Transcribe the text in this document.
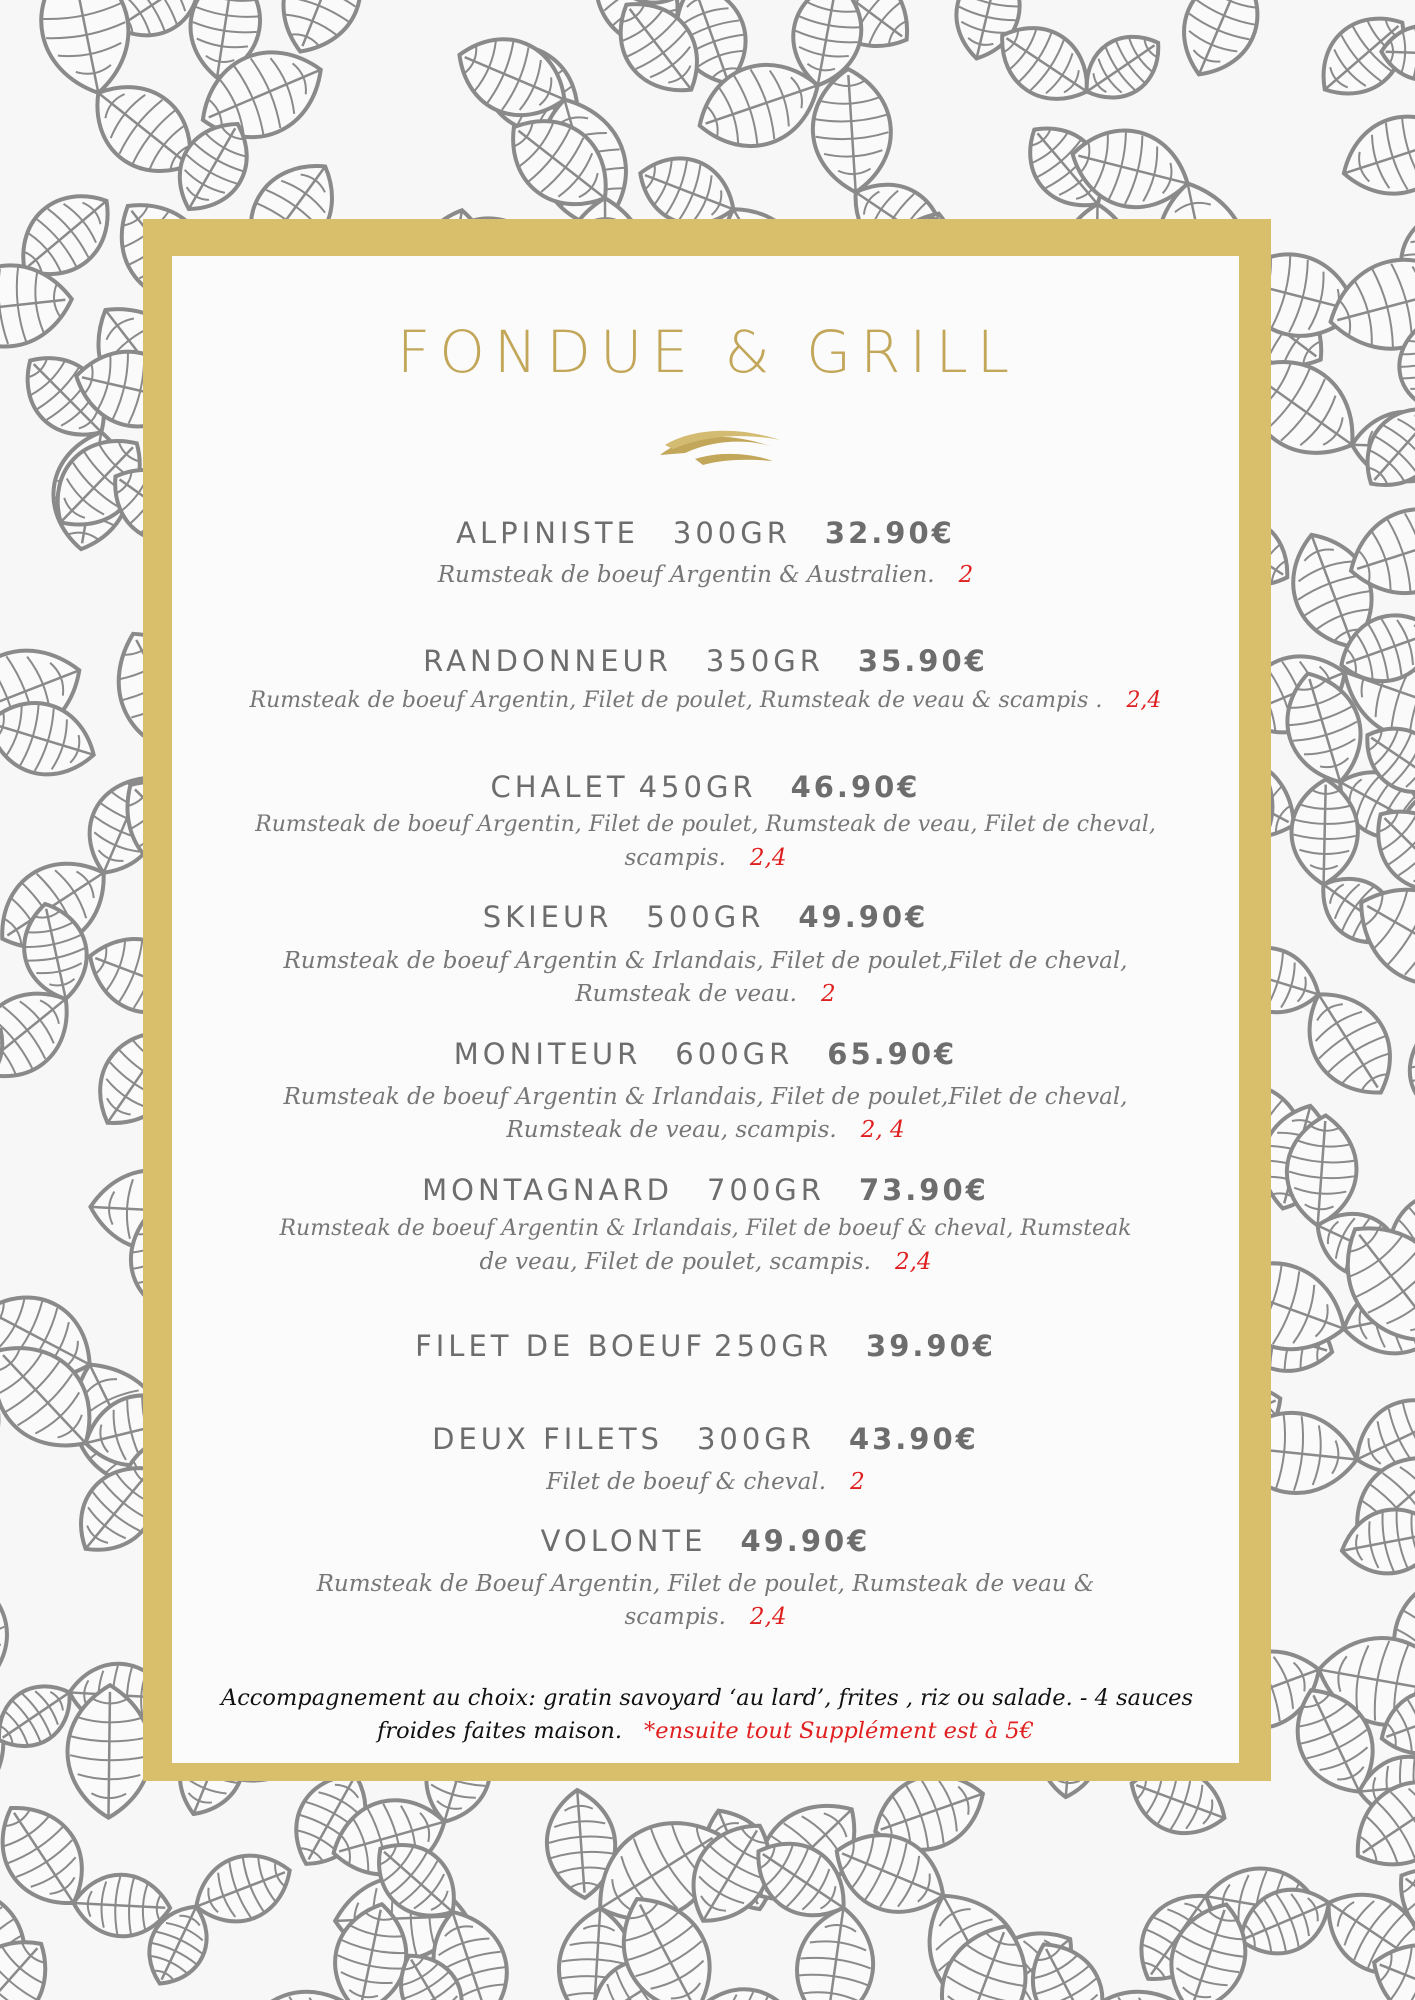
FONDUE & GRILL
ALPINISTE 300GR 32.90€
Rumsteak de boeuf Argentin & Australien. 2
RANDONNEUR 350GR 35.90€
Rumsteak de boeuf Argentin, Filet de poulet, Rumsteak de veau & scampis . 2,4
CHALET 450GR 46.90€
Rumsteak de boeuf Argentin, Filet de poulet, Rumsteak de veau, Filet de cheval,
scampis. 2,4
SKIEUR 500GR 49.90€
Rumsteak de boeuf Argentin & Irlandais, Filet de poulet,Filet de cheval,
Rumsteak de veau. 2
MONITEUR 600GR 65.90€
Rumsteak de boeuf Argentin & Irlandais, Filet de poulet,Filet de cheval,
Rumsteak de veau, scampis. 2, 4
MONTAGNARD 700GR 73.90€
Rumsteak de boeuf Argentin & Irlandais, Filet de boeuf & cheval, Rumsteak
de veau, Filet de poulet, scampis. 2,4
FILET DE BOEUF 250GR 39.90€
DEUX FILETS 300GR 43.90€
Filet de boeuf & cheval. 2
VOLONTE 49.90€
Rumsteak de Boeuf Argentin, Filet de poulet, Rumsteak de veau &
scampis. 2,4
Accompagnement au choix: gratin savoyard ‘au lard’, frites , riz ou salade. - 4 sauces
froides faites maison. *ensuite tout Supplément est à 5€
